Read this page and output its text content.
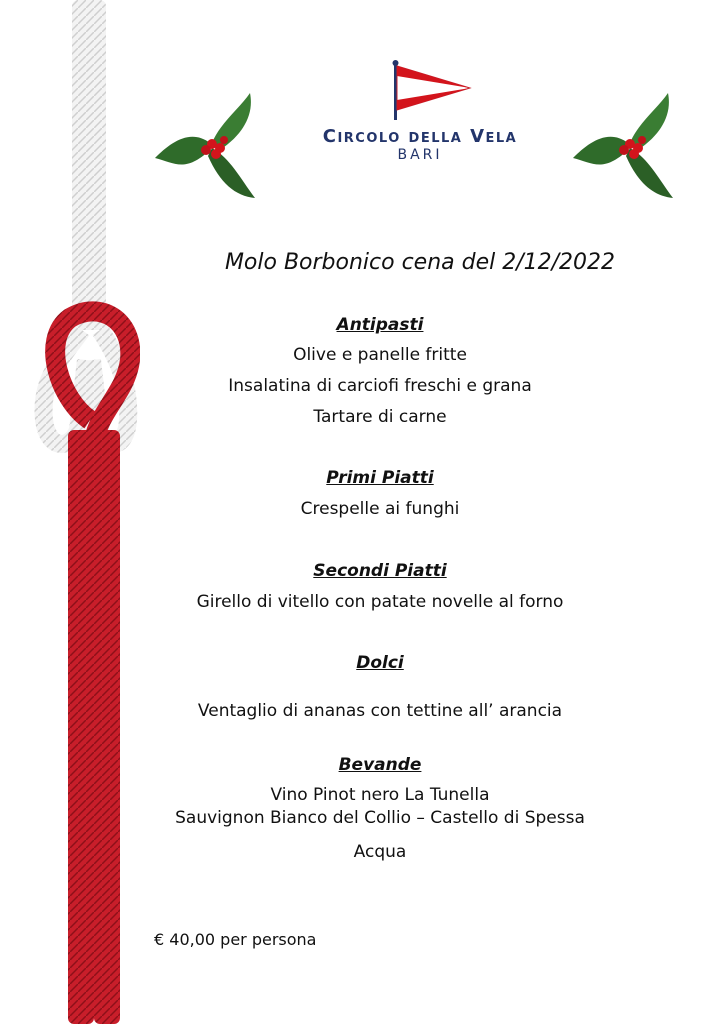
Circolo della Vela
BARI
Molo Borbonico cena del 2/12/2022
Antipasti
Olive e panelle fritte
Insalatina di carciofi freschi e grana
Tartare di carne
Primi Piatti
Crespelle ai funghi
Secondi Piatti
Girello di vitello con patate novelle al forno
Dolci
Ventaglio di ananas con tettine all’ arancia
Bevande
Vino Pinot nero La Tunella
Sauvignon Bianco del Collio – Castello di Spessa
Acqua
€ 40,00 per persona
